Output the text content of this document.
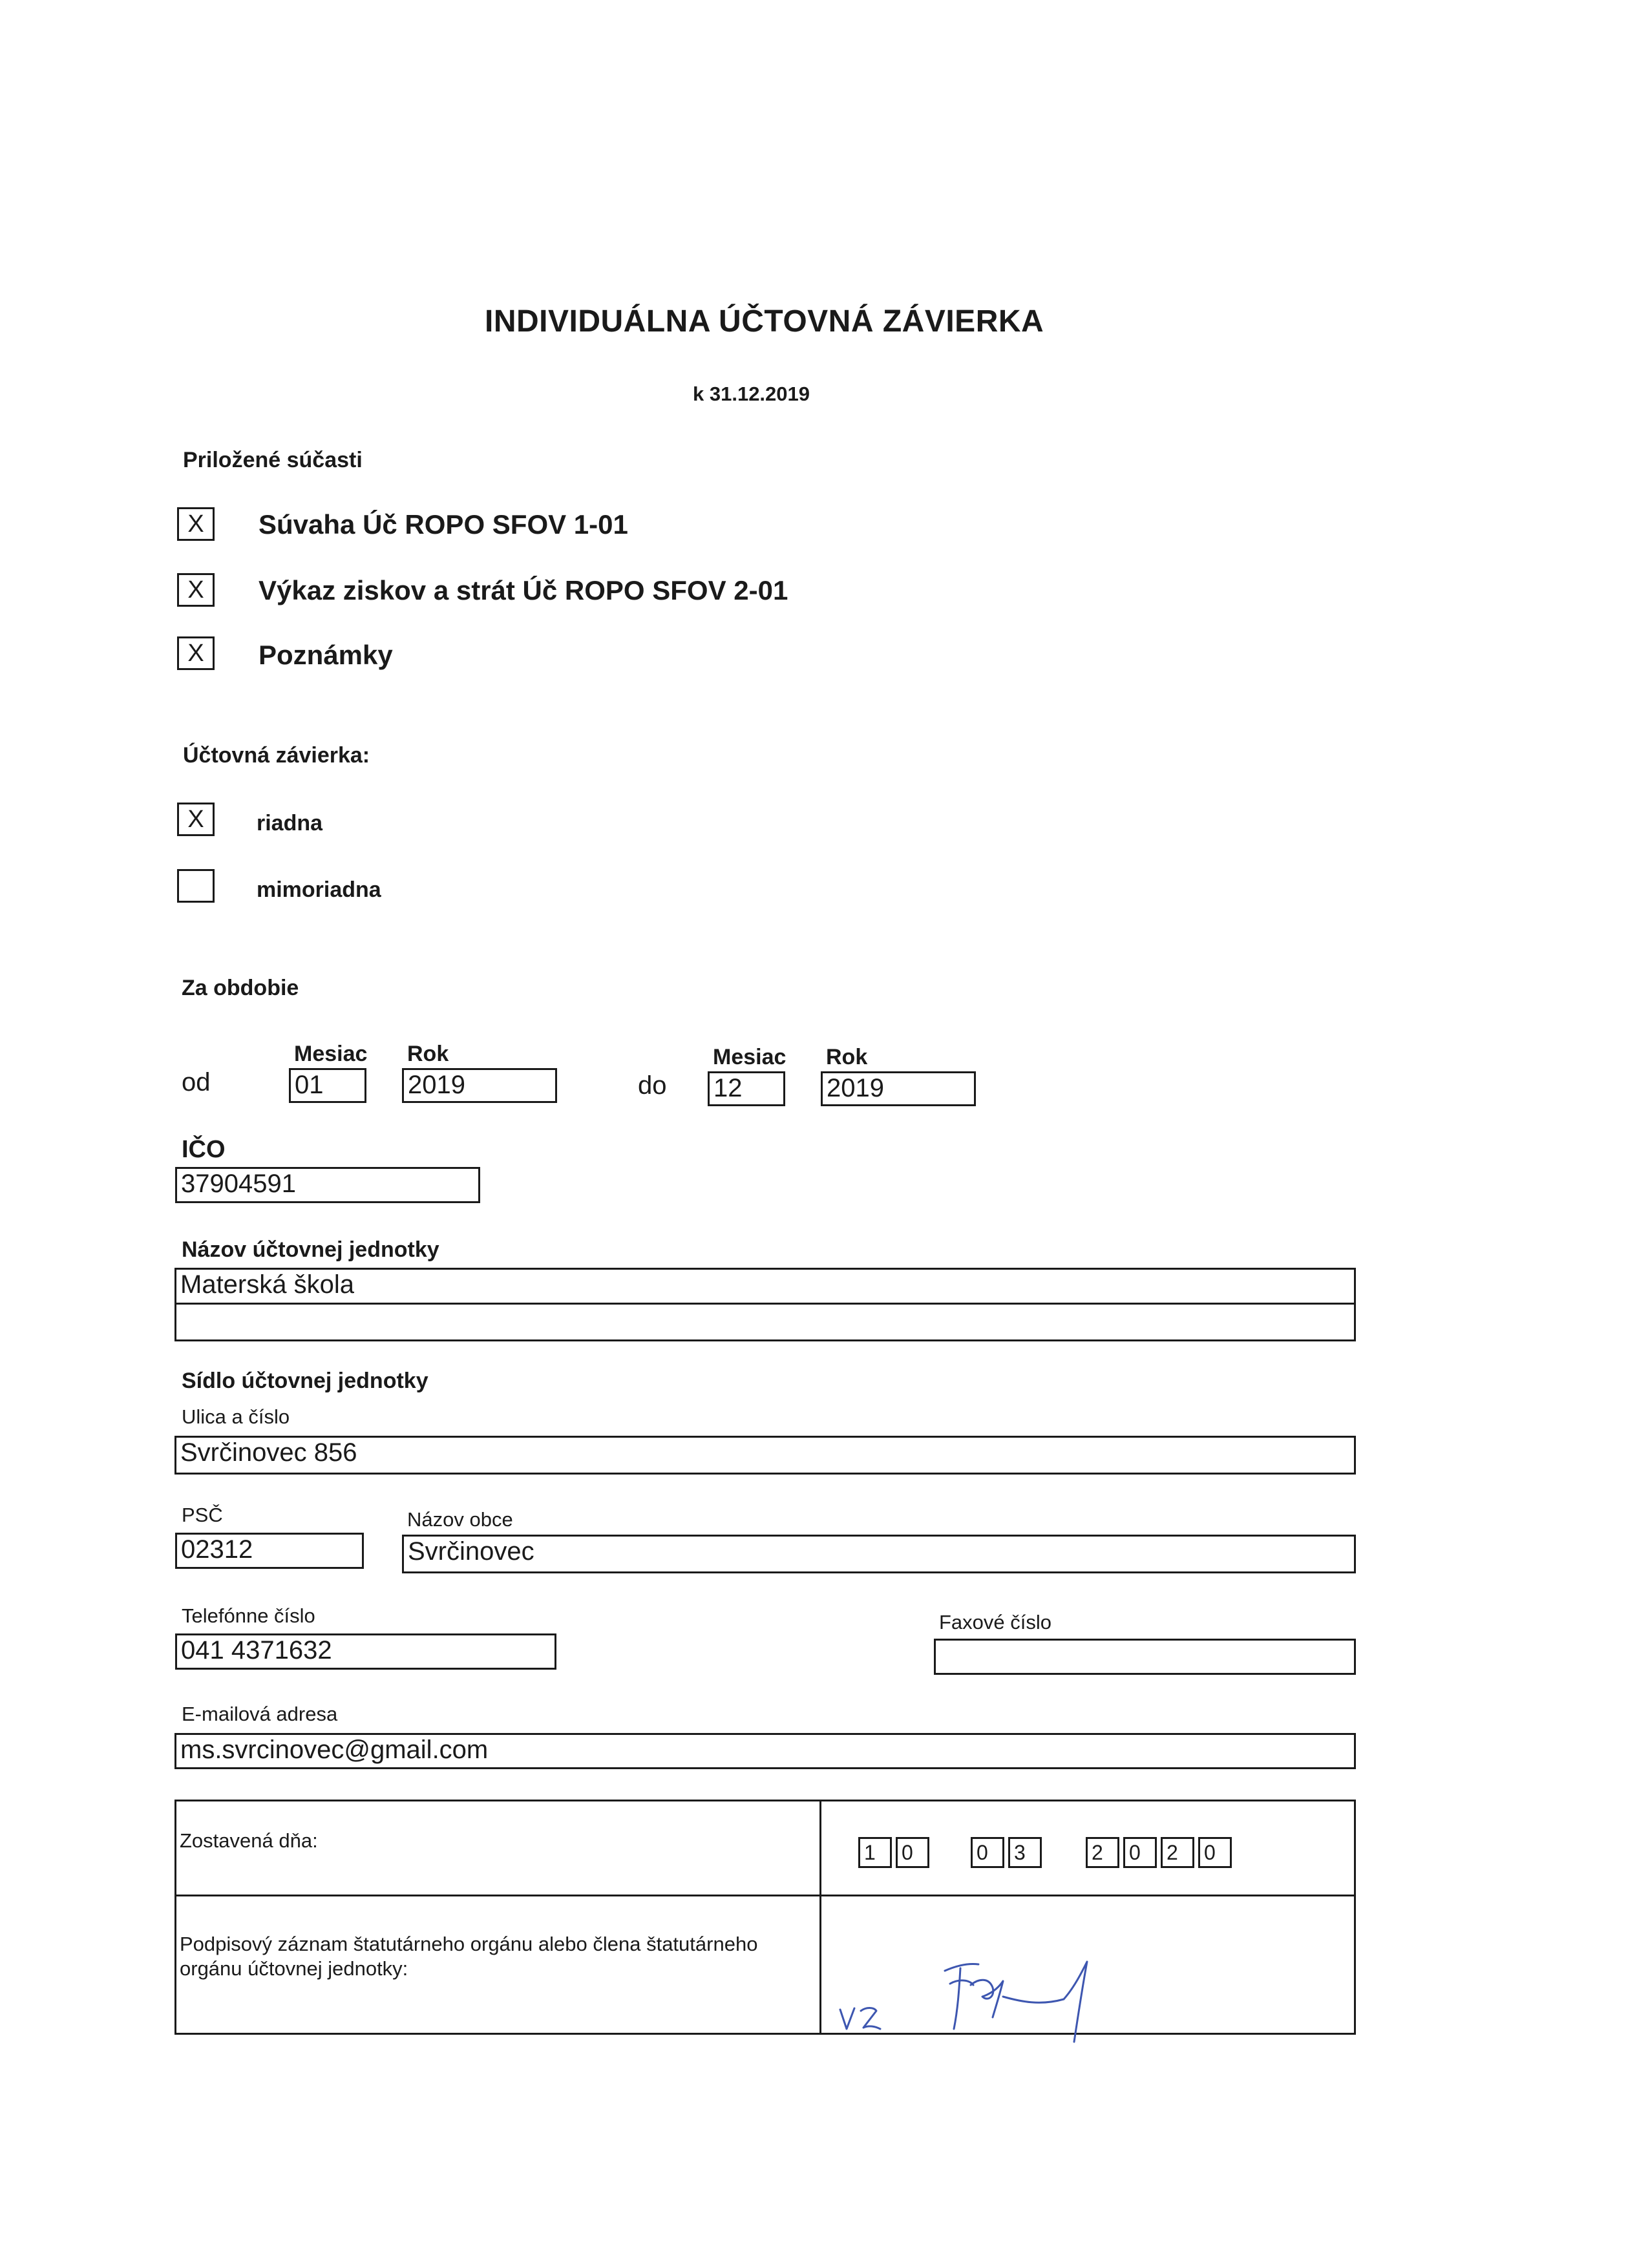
INDIVIDUÁLNA ÚČTOVNÁ ZÁVIERKA
k 31.12.2019
Priložené súčasti
X	Súvaha Úč ROPO SFOV 1-01
X	Výkaz ziskov a strát Úč ROPO SFOV 2-01
X	Poznámky
Účtovná závierka:
X	riadna
mimoriadna
Za obdobie
Mesiac Rok
od	01	2019
Mesiac Rok
do 12	2019
IČO
37904591
Názov účtovnej jednotky
Materská škola
Sídlo účtovnej jednotky
Ulica a číslo
Svrčinovec 856
PSČ
02312
Názov obce
Svrčinovec
Telefónne číslo
041 4371632
Faxové číslo
E-mailová adresa
ms.svrcinovec@gmail.com
Zostavená dňa:
1	0	0	3	2	0	2	0
Podpisový záznam štatutárneho orgánu alebo člena štatutárneho orgánu účtovnej jednotky:
